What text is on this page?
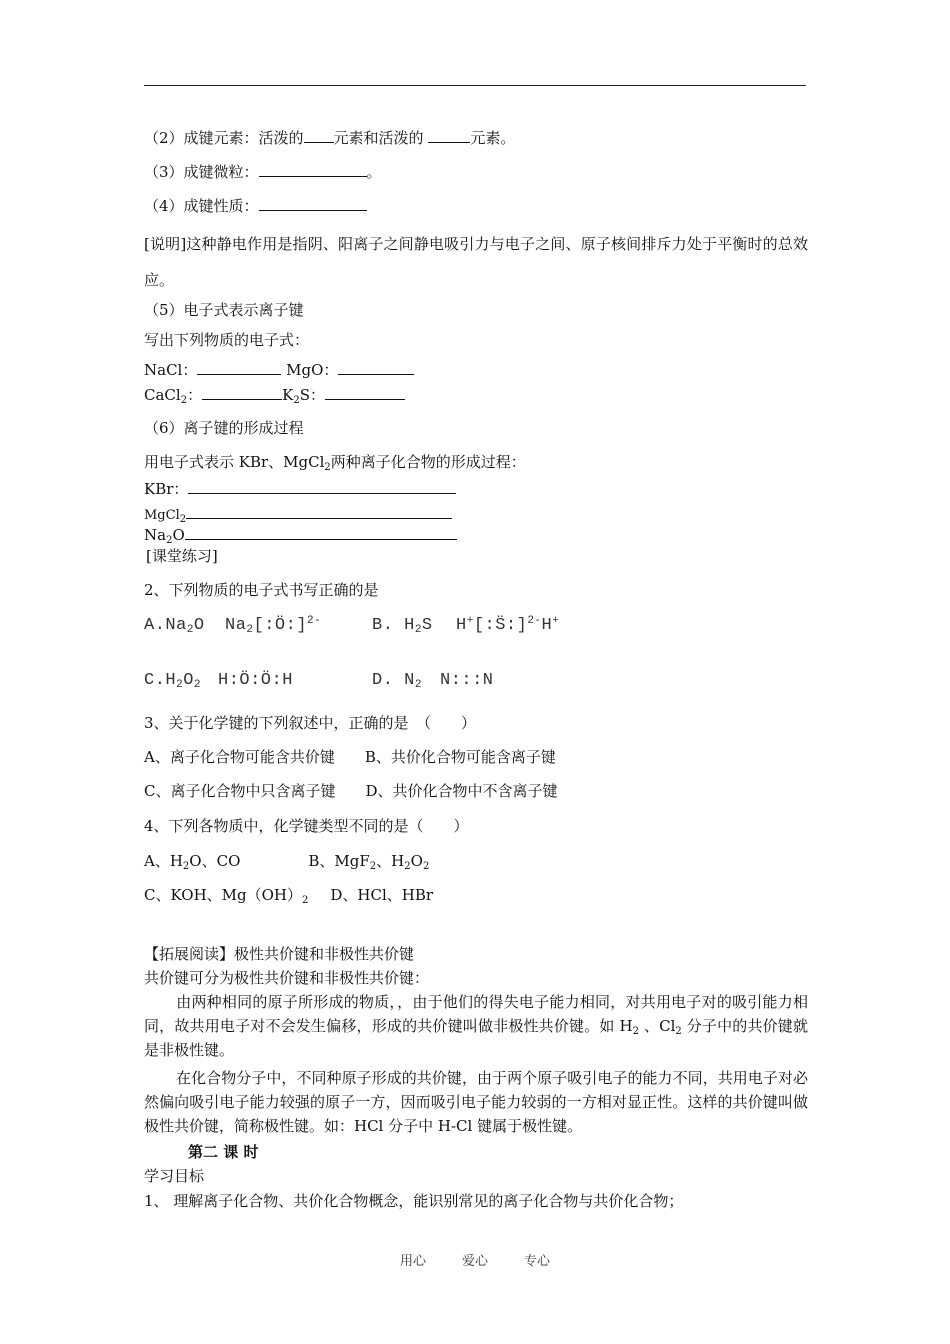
（2）成键元素：活泼的 元素和活泼的	元素。
（3）成键微粒：	。
（4）成键性质：
[说明]这种静电作用是指阴、阳离子之间静电吸引力与电子之间、原子核间排斥力处于平衡时的总效应。
（5）电子式表示离子键
写出下列物质的电子式：
NaCl：	MgO：
CaCl$_2$：	$K_2S$：
（6）离子键的形成过程
用电子式表示 KBr、MgCl$_2$两种离子化合物的形成过程：
KBr：
MgCl$_2$
$Na_2O$
[课堂练习]
2、下列物质的电子式书写正确的是
$A.Na_2O$ $Na_2[:Ö:]^{2-}$	B. $H_2S$ H+[:S̈:]$^{2-}$H+
$C.H_2O_2$ H:Ö:Ö:H	D. $N_2$ N:::N
3、关于化学键的下列叙述中，正确的是　（　　）
A、离子化合物可能含共价键 B、共价化合物可能含离子键
C、离子化合物中只含离子键 D、共价化合物中不含离子键
4、下列各物质中，化学键类型不同的是（　　）
A、$H_2O$、CO	B、MgF$_2$、$H_2O_2$
C、KOH、$Mg(OH)_2$ D、HCl、HBr
【拓展阅读】极性共价键和非极性共价键
共价键可分为极性共价键和非极性共价键：
由两种相同的原子所形成的物质，，由于他们的得失电子能力相同，对共用电子对的吸引能力相同，故共用电子对不会发生偏移，形成的共价键叫做非极性共价键。如 $H_2$ 、$Cl_2$ 分子中的共价键就是非极性键。
在化合物分子中，不同种原子形成的共价键，由于两个原子吸引电子的能力不同，共用电子对必然偏向吸引电子能力较强的原子一方，因而吸引电子能力较弱的一方相对显正性。这样的共价键叫做极性共价键，简称极性键。如：HCl 分子中 H-Cl 键属于极性键。
第二 课 时
学习目标
1、 理解离子化合物、共价化合物概念，能识别常见的离子化合物与共价化合物；
用心	爱心	专心
